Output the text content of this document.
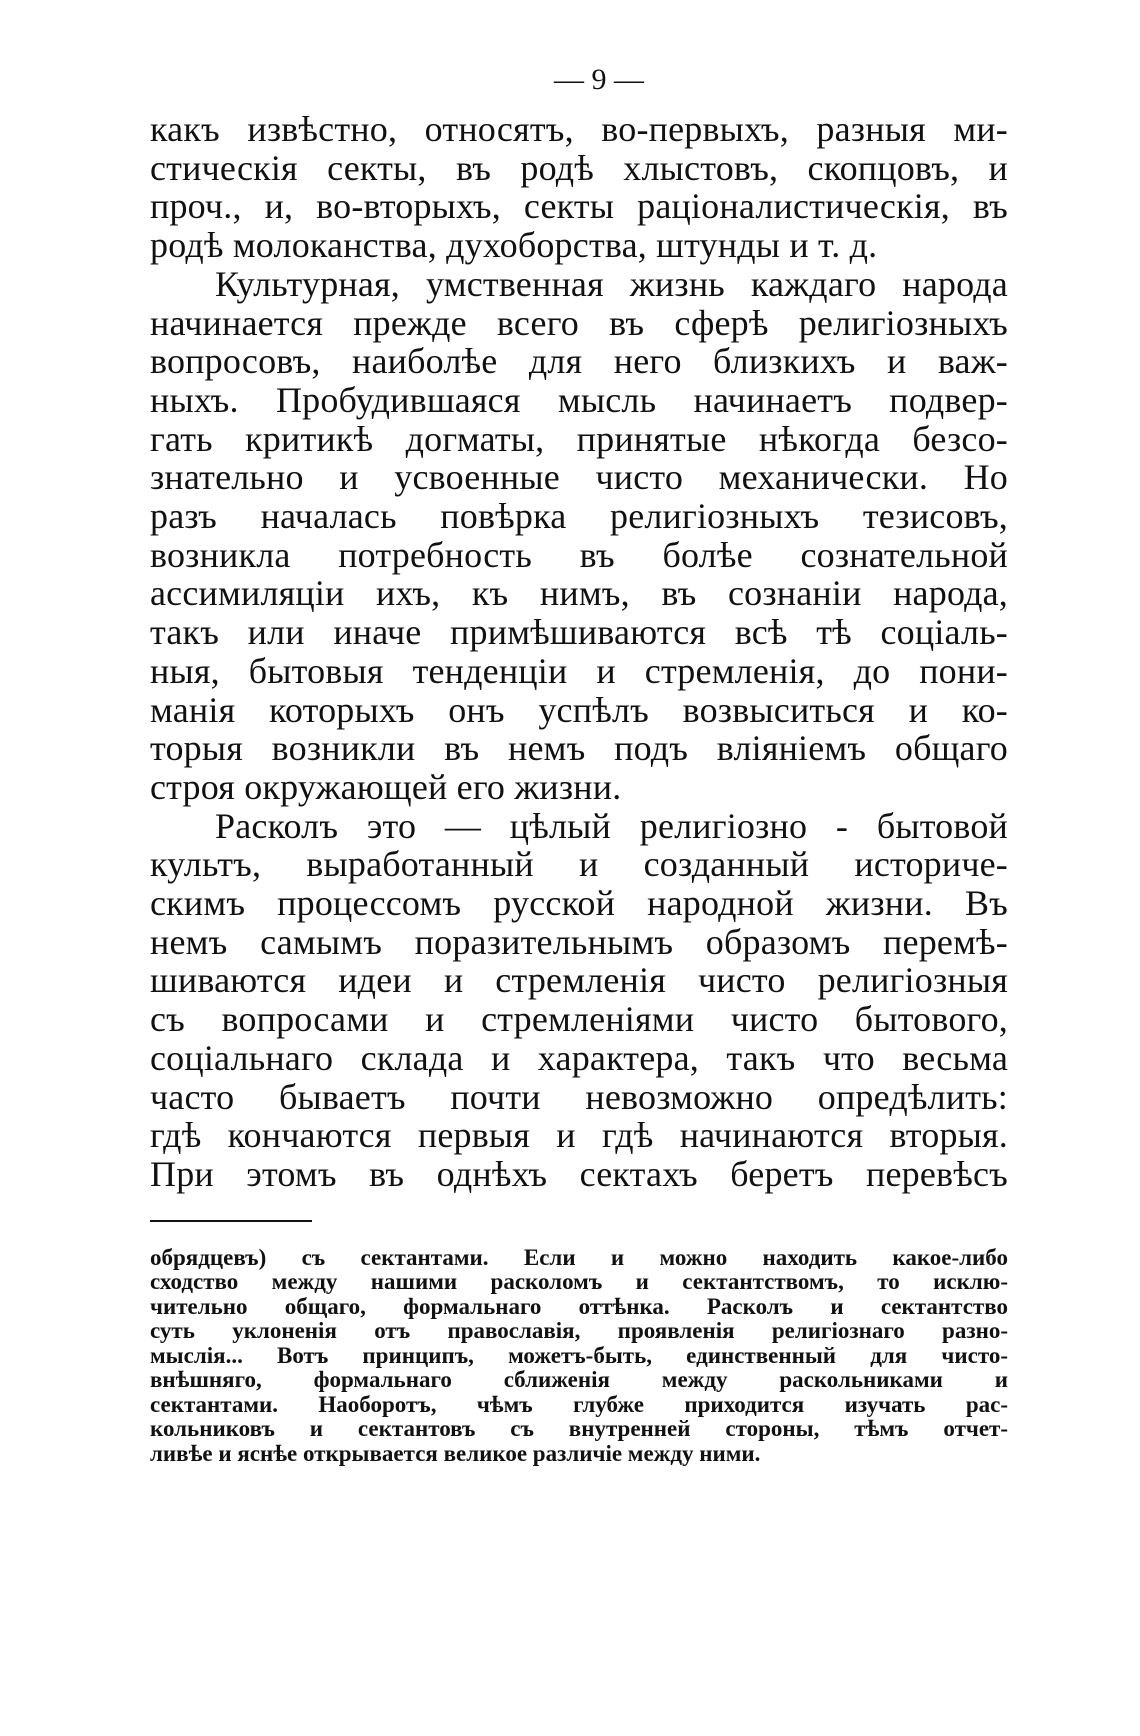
— 9 —
какъ извѣстно, относятъ, во-первыхъ, разныя ми-
стическія секты, въ родѣ хлыстовъ, скопцовъ, и
проч., и, во-вторыхъ, секты раціоналистическія, въ
родѣ молоканства, духоборства, штунды и т. д.
Культурная, умственная жизнь каждаго народа
начинается прежде всего въ сферѣ религіозныхъ
вопросовъ, наиболѣе для него близкихъ и важ-
ныхъ. Пробудившаяся мысль начинаетъ подвер-
гать критикѣ догматы, принятые нѣкогда безсо-
знательно и усвоенные чисто механически. Но
разъ началась повѣрка религіозныхъ тезисовъ,
возникла потребность въ болѣе сознательной
ассимиляціи ихъ, къ нимъ, въ сознаніи народа,
такъ или иначе примѣшиваются всѣ тѣ соціаль-
ныя, бытовыя тенденціи и стремленія, до пони-
манія которыхъ онъ успѣлъ возвыситься и ко-
торыя возникли въ немъ подъ вліяніемъ общаго
строя окружающей его жизни.
Расколъ это — цѣлый религіозно - бытовой
культъ, выработанный и созданный историче-
скимъ процессомъ русской народной жизни. Въ
немъ самымъ поразительнымъ образомъ перемѣ-
шиваются идеи и стремленія чисто религіозныя
съ вопросами и стремленіями чисто бытового,
соціальнаго склада и характера, такъ что весьма
часто бываетъ почти невозможно опредѣлить:
гдѣ кончаются первыя и гдѣ начинаются вторыя.
При этомъ въ однѣхъ сектахъ беретъ перевѣсъ
обрядцевъ) съ сектантами. Если и можно находить какое-либо
сходство между нашими расколомъ и сектантствомъ, то исклю-
чительно общаго, формальнаго оттѣнка. Расколъ и сектантство
суть уклоненія отъ православія, проявленія религіознаго разно-
мыслія... Вотъ принципъ, можетъ-быть, единственный для чисто-
внѣшняго, формальнаго сближенія между раскольниками и
сектантами. Наоборотъ, чѣмъ глубже приходится изучать рас-
кольниковъ и сектантовъ съ внутренней стороны, тѣмъ отчет-
ливѣе и яснѣе открывается великое различіе между ними.
